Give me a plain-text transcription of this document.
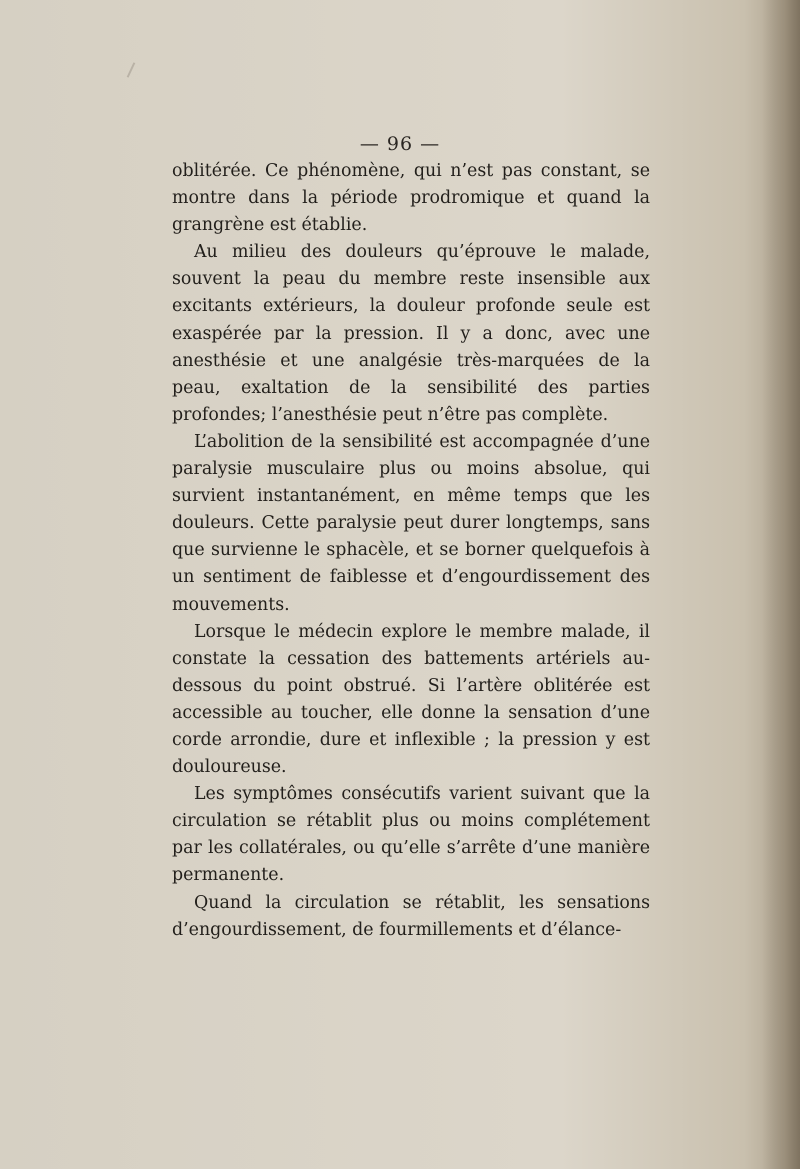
— 96 —

oblitérée. Ce phénomène, qui n’est pas constant, se montre dans la période prodromique et quand la grangrène est établie.

Au milieu des douleurs qu’éprouve le malade, souvent la peau du membre reste insensible aux excitants extérieurs, la douleur profonde seule est exaspérée par la pression. Il y a donc, avec une anesthésie et une analgésie très-marquées de la peau, exaltation de la sensibilité des parties profondes; l’anesthésie peut n’être pas complète.

L’abolition de la sensibilité est accompagnée d’une paralysie musculaire plus ou moins absolue, qui survient instantanément, en même temps que les douleurs. Cette paralysie peut durer longtemps, sans que survienne le sphacèle, et se borner quelquefois à un sentiment de faiblesse et d’engourdissement des mouvements.

Lorsque le médecin explore le membre malade, il constate la cessation des battements artériels au-dessous du point obstrué. Si l’artère oblitérée est accessible au toucher, elle donne la sensation d’une corde arrondie, dure et inflexible ; la pression y est douloureuse.

Les symptômes consécutifs varient suivant que la circulation se rétablit plus ou moins complétement par les collatérales, ou qu’elle s’arrête d’une manière permanente.

Quand la circulation se rétablit, les sensations d’engourdissement, de fourmillements et d’élance-
